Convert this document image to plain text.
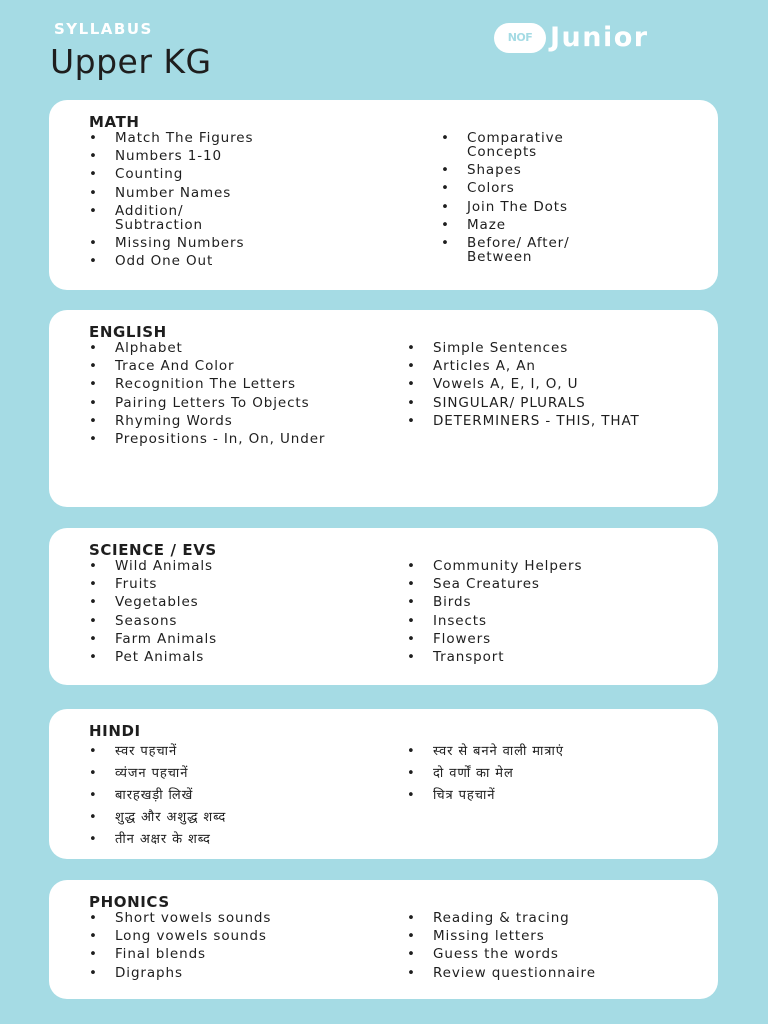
SYLLABUS
Upper KG
NOF Junior
MATH
• Match The Figures
• Numbers 1-10
• Counting
• Number Names
• Addition/ Subtraction
• Missing Numbers
• Odd One Out
• Comparative Concepts
• Shapes
• Colors
• Join The Dots
• Maze
• Before/ After/ Between
ENGLISH
• Alphabet
• Trace And Color
• Recognition The Letters
• Pairing Letters To Objects
• Rhyming Words
• Prepositions - In, On, Under
• Simple Sentences
• Articles A, An
• Vowels A, E, I, O, U
• SINGULAR/ PLURALS
• DETERMINERS - THIS, THAT
SCIENCE / EVS
• Wild Animals
• Fruits
• Vegetables
• Seasons
• Farm Animals
• Pet Animals
• Community Helpers
• Sea Creatures
• Birds
• Insects
• Flowers
• Transport
HINDI
• स्वर पहचानें
• व्यंजन पहचानें
• बारहखड़ी लिखें
• शुद्ध और अशुद्ध शब्द
• तीन अक्षर के शब्द
• स्वर से बनने वाली मात्राएं
• दो वर्णों का मेल
• चित्र पहचानें
PHONICS
• Short vowels sounds
• Long vowels sounds
• Final blends
• Digraphs
• Reading & tracing
• Missing letters
• Guess the words
• Review questionnaire
